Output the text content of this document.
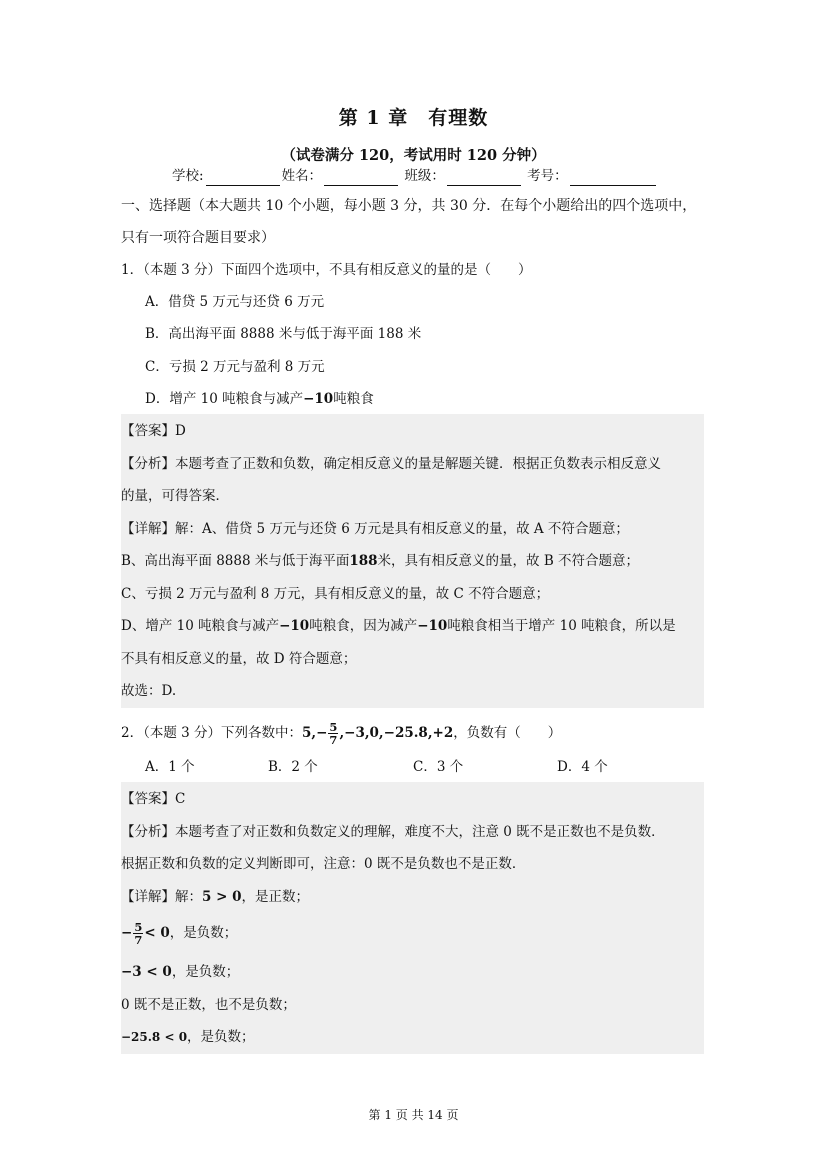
第 1 章　有理数
（试卷满分 120，考试用时 120 分钟）
学校:	姓名：	班级：	考号：
一、选择题（本大题共 10 个小题，每小题 3 分，共 30 分．在每个小题给出的四个选项中，
只有一项符合题目要求）
1．（本题 3 分）下面四个选项中，不具有相反意义的量的是（　　）
A．借贷 5 万元与还贷 6 万元
B．高出海平面 8888 米与低于海平面 188 米
C．亏损 2 万元与盈利 8 万元
D．增产 10 吨粮食与减产−10吨粮食
【答案】D
【分析】本题考查了正数和负数，确定相反意义的量是解题关键．根据正负数表示相反意义
的量，可得答案．
【详解】解：A、借贷 5 万元与还贷 6 万元是具有相反意义的量，故 A 不符合题意；
B、高出海平面 8888 米与低于海平面188米，具有相反意义的量，故 B 不符合题意；
C、亏损 2 万元与盈利 8 万元，具有相反意义的量，故 C 不符合题意；
D、增产 10 吨粮食与减产−10吨粮食，因为减产−10吨粮食相当于增产 10 吨粮食，所以是
不具有相反意义的量，故 D 符合题意；
故选：D.
2．（本题 3 分）下列各数中：$5,- \frac{5}{7} ,-3,0,-25.8,+2$，负数有（　　）
A．1 个	B．2 个	C．3 个	D．4 个
【答案】C
【分析】本题考查了对正数和负数定义的理解，难度不大，注意 0 既不是正数也不是负数．
根据正数和负数的定义判断即可，注意：0 既不是负数也不是正数．
【详解】解：5 > 0，是正数；
− $\frac{5}{7} < 0$，是负数；
−3 < 0，是负数；
0 既不是正数，也不是负数；
−25.8 < 0，是负数；
第 1 页 共 14 页
